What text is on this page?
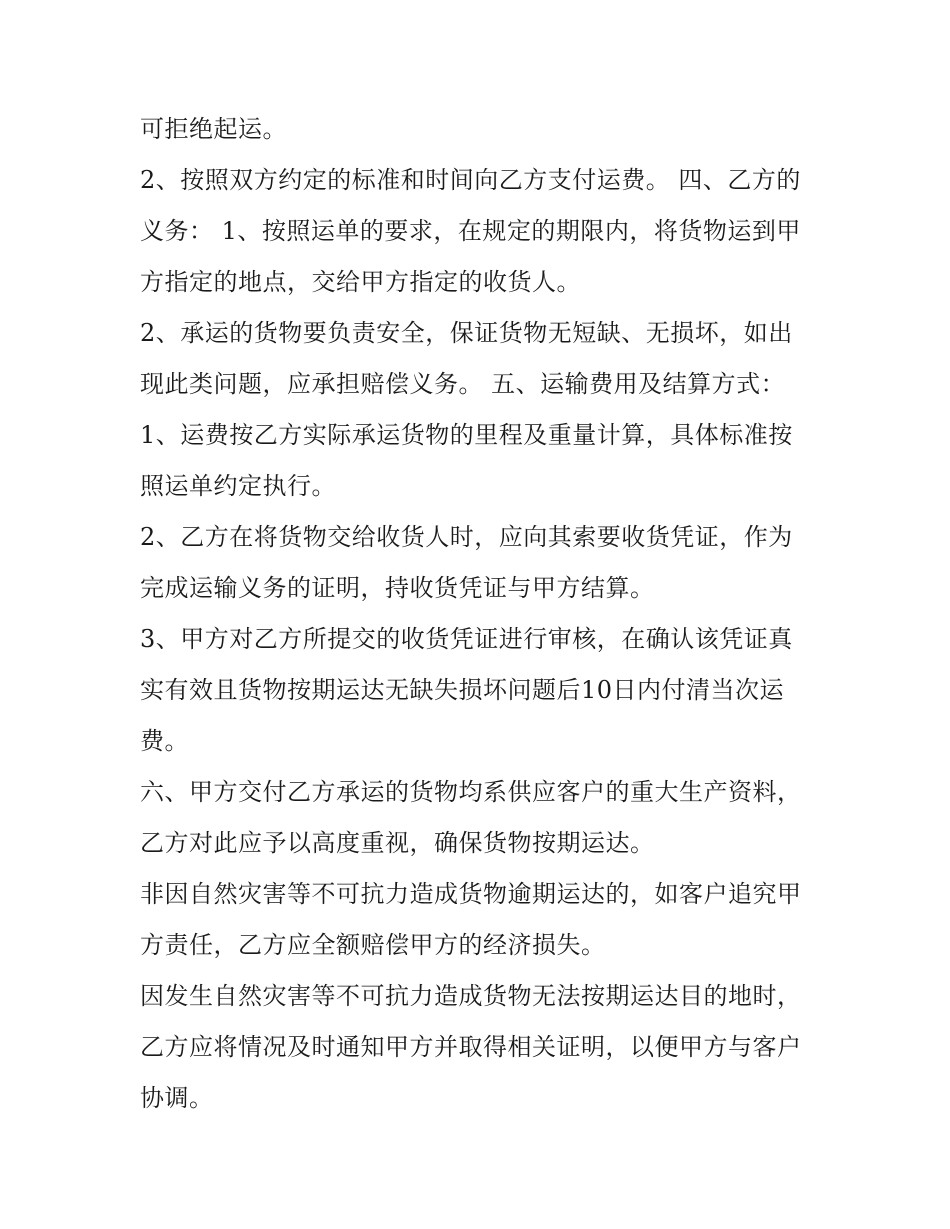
可拒绝起运。

2、按照双方约定的标准和时间向乙方支付运费。 四、乙方的
义务： 1、按照运单的要求，在规定的期限内，将货物运到甲
方指定的地点，交给甲方指定的收货人。

2、承运的货物要负责安全，保证货物无短缺、无损坏，如出
现此类问题，应承担赔偿义务。 五、运输费用及结算方式：

1、运费按乙方实际承运货物的里程及重量计算，具体标准按
照运单约定执行。

2、乙方在将货物交给收货人时，应向其索要收货凭证，作为
完成运输义务的证明，持收货凭证与甲方结算。

3、甲方对乙方所提交的收货凭证进行审核，在确认该凭证真
实有效且货物按期运达无缺失损坏问题后10日内付清当次运
费。

六、甲方交付乙方承运的货物均系供应客户的重大生产资料，
乙方对此应予以高度重视，确保货物按期运达。

非因自然灾害等不可抗力造成货物逾期运达的，如客户追究甲
方责任，乙方应全额赔偿甲方的经济损失。

因发生自然灾害等不可抗力造成货物无法按期运达目的地时，
乙方应将情况及时通知甲方并取得相关证明，以便甲方与客户
协调。
